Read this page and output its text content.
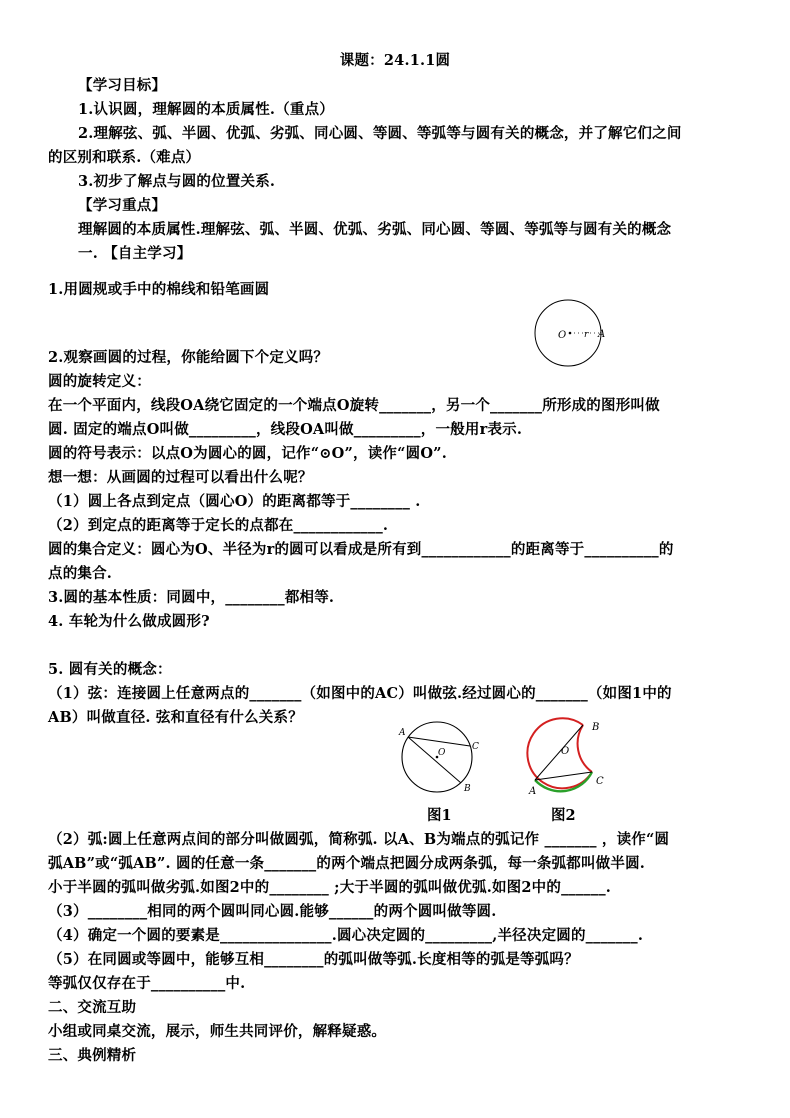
课题：24.1.1圆
【学习目标】
1.认识圆，理解圆的本质属性.（重点）
2.理解弦、弧、半圆、优弧、劣弧、同心圆、等圆、等弧等与圆有关的概念，并了解它们之间
的区别和联系.（难点）
3.初步了解点与圆的位置关系.
【学习重点】
理解圆的本质属性.理解弦、弧、半圆、优弧、劣弧、同心圆、等圆、等弧等与圆有关的概念
一. 【自主学习】
1.用圆规或手中的棉线和铅笔画圆
O r A
2.观察画圆的过程，你能给圆下个定义吗？
圆的旋转定义：
在一个平面内，线段OA绕它固定的一个端点O旋转_______，另一个_______所形成的图形叫做
圆. 固定的端点O叫做_________，线段OA叫做_________，一般用r表示.
圆的符号表示：以点O为圆心的圆，记作“⊙O”，读作“圆O”.
想一想：从画圆的过程可以看出什么呢？
（1）圆上各点到定点（圆心O）的距离都等于________ .
（2）到定点的距离等于定长的点都在____________.
圆的集合定义：圆心为O、半径为r的圆可以看成是所有到____________的距离等于__________的
点的集合.
3.圆的基本性质：同圆中，________都相等.
4. 车轮为什么做成圆形?
5. 圆有关的概念：
（1）弦：连接圆上任意两点的_______（如图中的AC）叫做弦.经过圆心的_______（如图1中的
AB）叫做直径. 弦和直径有什么关系？
A
C
B
O
B
O
C
A
图1	图2
（2）弧:圆上任意两点间的部分叫做圆弧，简称弧. 以A、B为端点的弧记作 _______ ，读作“圆
弧AB”或“弧AB”. 圆的任意一条_______的两个端点把圆分成两条弧，每一条弧都叫做半圆.
小于半圆的弧叫做劣弧.如图2中的________ ;大于半圆的弧叫做优弧.如图2中的______.
（3）________相同的两个圆叫同心圆.能够______的两个圆叫做等圆.
（4）确定一个圆的要素是_______________.圆心决定圆的_________,半径决定圆的_______.
（5）在同圆或等圆中，能够互相________的弧叫做等弧.长度相等的弧是等弧吗？
等弧仅仅存在于__________中.
二、交流互助
小组或同桌交流，展示，师生共同评价，解释疑惑。
三、典例精析
